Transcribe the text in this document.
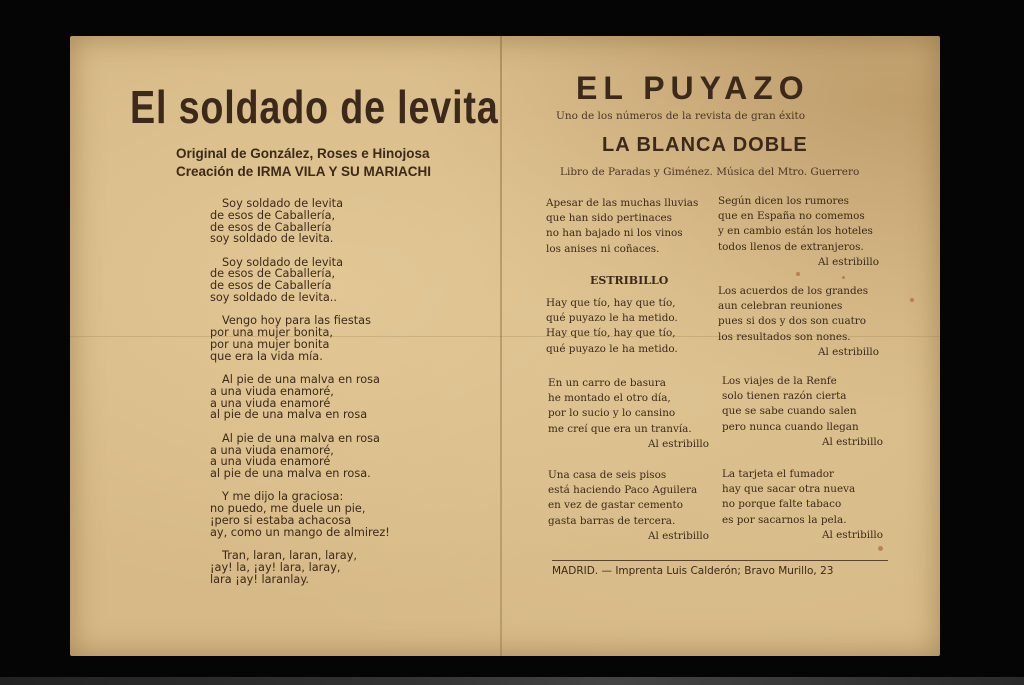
El soldado de levita
Original de González, Roses e Hinojosa
Creación de IRMA VILA Y SU MARIACHI
Soy soldado de levita
de esos de Caballería,
de esos de Caballería
soy soldado de levita.
Soy soldado de levita
de esos de Caballería,
de esos de Caballería
soy soldado de levita..
Vengo hoy para las fiestas
por una mujer bonita,
por una mujer bonita
que era la vida mía.
Al pie de una malva en rosa
a una viuda enamoré,
a una viuda enamoré
al pie de una malva en rosa
Al pie de una malva en rosa
a una viuda enamoré,
a una viuda enamoré
al pie de una malva en rosa.
Y me dijo la graciosa:
no puedo, me duele un pie,
¡pero si estaba achacosa
ay, como un mango de almirez!
Tran, laran, laran, laray,
¡ay! la, ¡ay! lara, laray,
lara ¡ay! laranlay.
EL PUYAZO
Uno de los números de la revista de gran éxito
LA BLANCA DOBLE
Libro de Paradas y Giménez. Música del Mtro. Guerrero
Apesar de las muchas lluvias
que han sido pertinaces
no han bajado ni los vinos
los anises ni coñaces.
ESTRIBILLO
Hay que tío, hay que tío,
qué puyazo le ha metido.
Hay que tío, hay que tío,
qué puyazo le ha metido.
En un carro de basura
he montado el otro día,
por lo sucio y lo cansino
me creí que era un tranvía.
Al estribillo
Una casa de seis pisos
está haciendo Paco Aguilera
en vez de gastar cemento
gasta barras de tercera.
Al estribillo
Según dicen los rumores
que en España no comemos
y en cambio están los hoteles
todos llenos de extranjeros.
Al estribillo
Los acuerdos de los grandes
aun celebran reuniones
pues si dos y dos son cuatro
los resultados son nones.
Al estribillo
Los viajes de la Renfe
solo tienen razón cierta
que se sabe cuando salen
pero nunca cuando llegan
Al estribillo
La tarjeta el fumador
hay que sacar otra nueva
no porque falte tabaco
es por sacarnos la pela.
Al estribillo
MADRID. — Imprenta Luis Calderón; Bravo Murillo, 23
